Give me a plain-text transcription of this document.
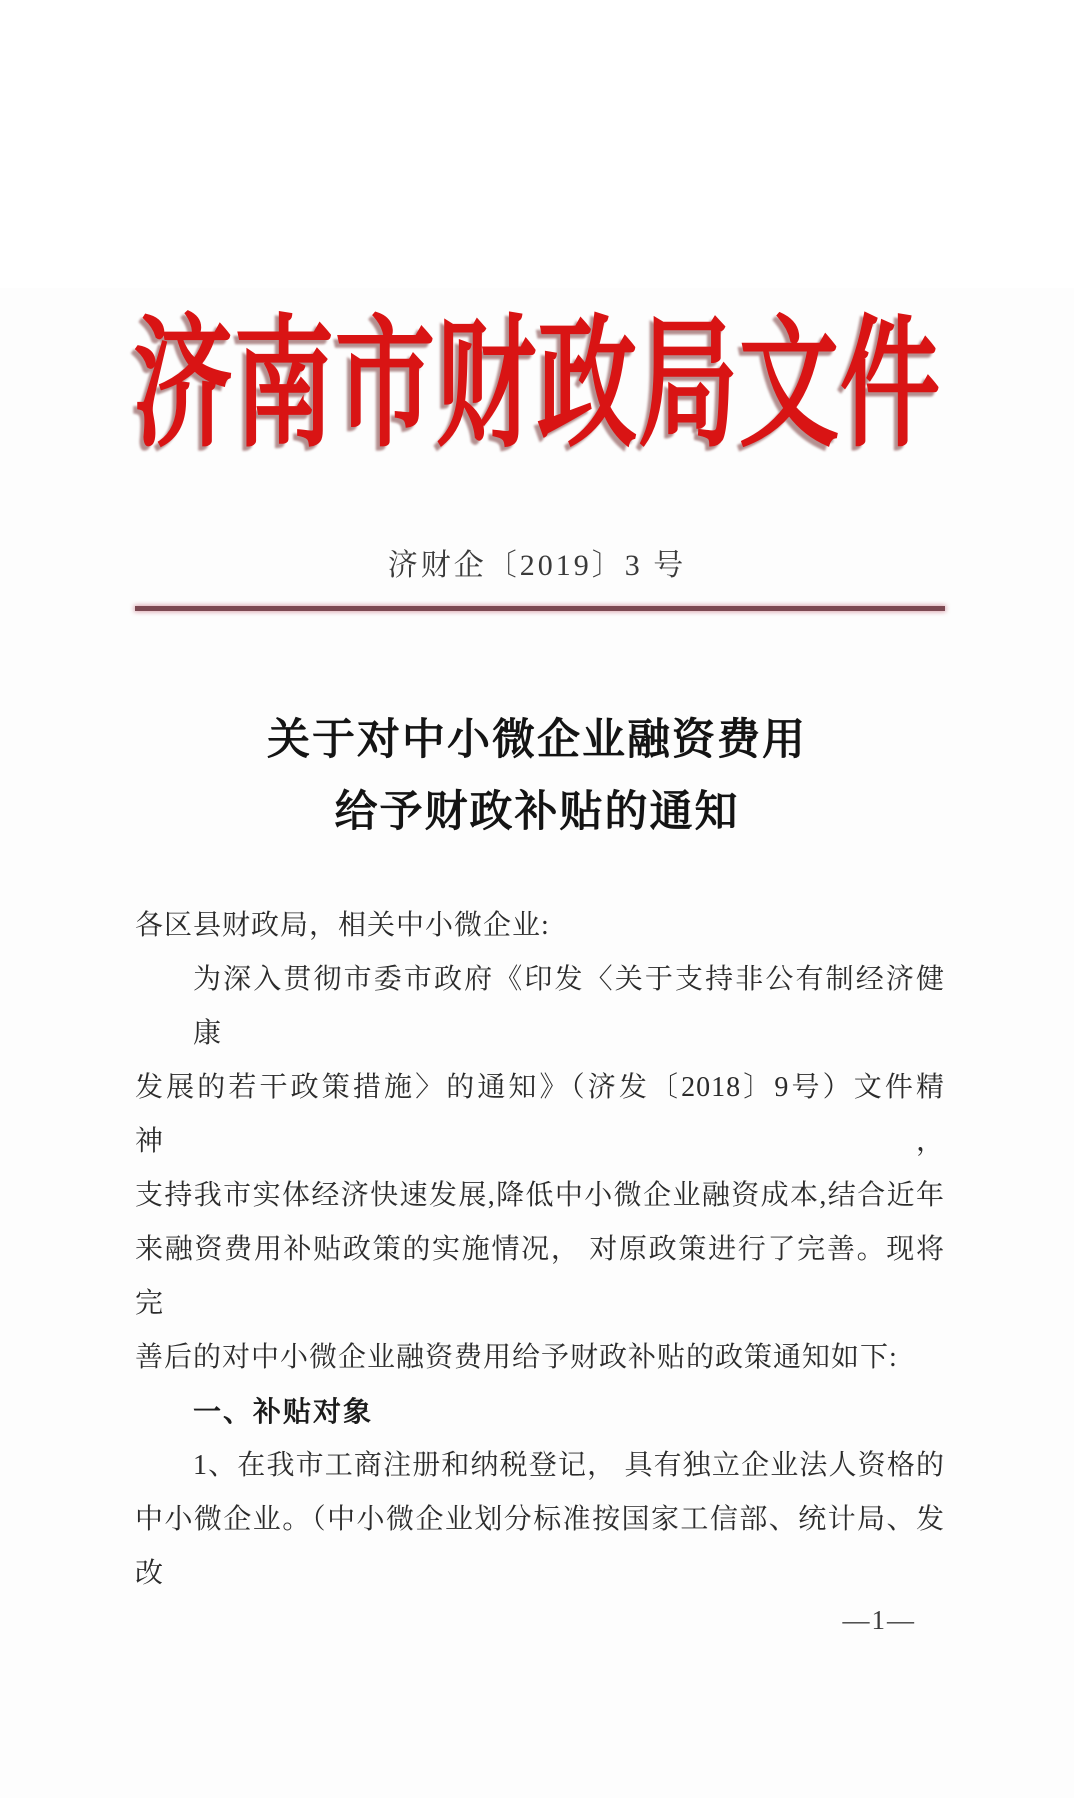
济南市财政局文件
济财企〔2019〕3 号
关于对中小微企业融资费用
给予财政补贴的通知
各区县财政局，相关中小微企业:
为深入贯彻市委市政府《印发〈关于支持非公有制经济健康
发展的若干政策措施〉的通知》（济发〔2018〕9号）文件精神，
支持我市实体经济快速发展,降低中小微企业融资成本,结合近年
来融资费用补贴政策的实施情况， 对原政策进行了完善。现将完
善后的对中小微企业融资费用给予财政补贴的政策通知如下:
一、补贴对象
1、在我市工商注册和纳税登记， 具有独立企业法人资格的
中小微企业。（中小微企业划分标准按国家工信部、统计局、发改
—1—
